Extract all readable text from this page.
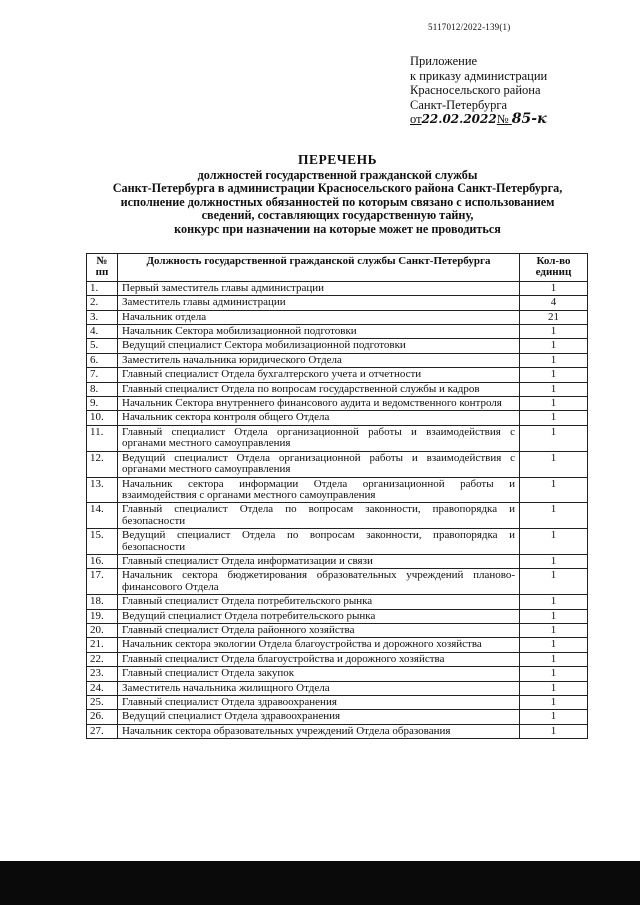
5117012/2022-139(1)
Приложение
к приказу администрации
Красносельского района
Санкт-Петербурга
от22.02.2022№ 85-к
ПЕРЕЧЕНЬ
должностей государственной гражданской службы
Санкт-Петербурга в администрации Красносельского района Санкт-Петербурга,
исполнение должностных обязанностей по которым связано с использованием
сведений, составляющих государственную тайну,
конкурс при назначении на которые может не проводиться
№ пп	Должность государственной гражданской службы Санкт-Петербурга	Кол-во единиц
1.	Первый заместитель главы администрации	1
2.	Заместитель главы администрации	4
3.	Начальник отдела	21
4.	Начальник Сектора мобилизационной подготовки	1
5.	Ведущий специалист Сектора мобилизационной подготовки	1
6.	Заместитель начальника юридического Отдела	1
7.	Главный специалист Отдела бухгалтерского учета и отчетности	1
8.	Главный специалист Отдела по вопросам государственной службы и кадров	1
9.	Начальник Сектора внутреннего финансового аудита и ведомственного контроля	1
10.	Начальник сектора контроля общего Отдела	1
11.	Главный специалист Отдела организационной работы и взаимодействия с органами местного самоуправления	1
12.	Ведущий специалист Отдела организационной работы и взаимодействия с органами местного самоуправления	1
13.	Начальник сектора информации Отдела организационной работы и взаимодействия с органами местного самоуправления	1
14.	Главный специалист Отдела по вопросам законности, правопорядка и безопасности	1
15.	Ведущий специалист Отдела по вопросам законности, правопорядка и безопасности	1
16.	Главный специалист Отдела информатизации и связи	1
17.	Начальник сектора бюджетирования образовательных учреждений планово-финансового Отдела	1
18.	Главный специалист Отдела потребительского рынка	1
19.	Ведущий специалист Отдела потребительского рынка	1
20.	Главный специалист Отдела районного хозяйства	1
21.	Начальник сектора экологии Отдела благоустройства и дорожного хозяйства	1
22.	Главный специалист Отдела благоустройства и дорожного хозяйства	1
23.	Главный специалист Отдела закупок	1
24.	Заместитель начальника жилищного Отдела	1
25.	Главный специалист Отдела здравоохранения	1
26.	Ведущий специалист Отдела здравоохранения	1
27.	Начальник сектора образовательных учреждений Отдела образования	1
